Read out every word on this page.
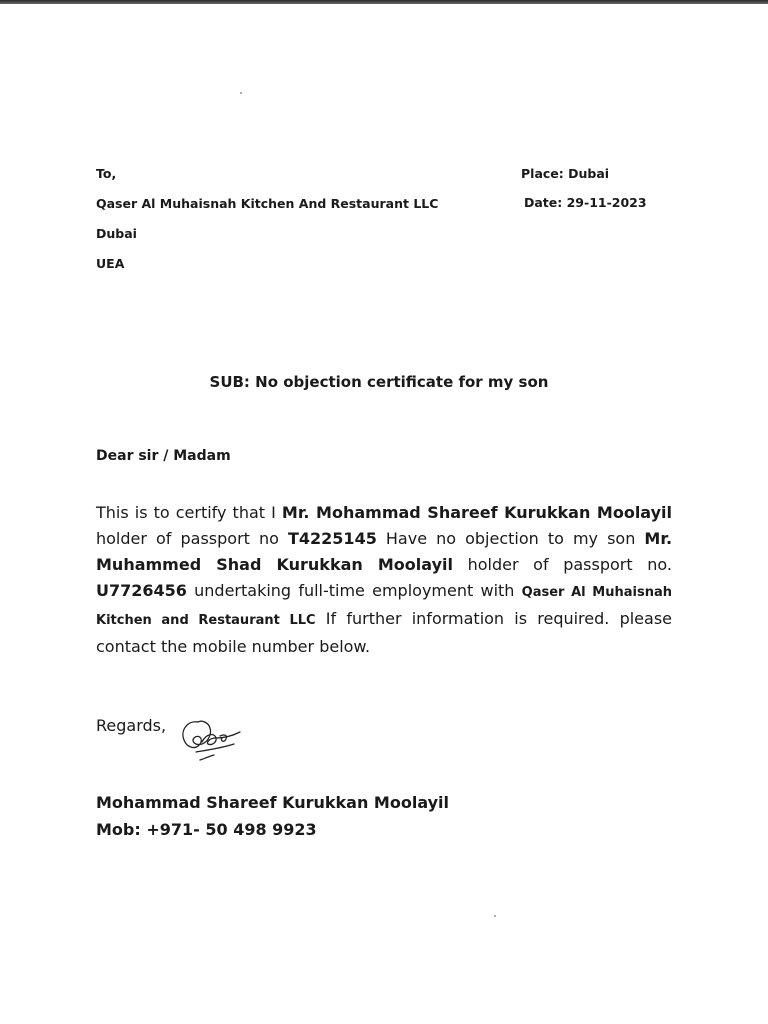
To,
Qaser Al Muhaisnah Kitchen And Restaurant LLC
Dubai
UEA
Place: Dubai
Date: 29-11-2023
SUB: No objection certificate for my son
Dear sir / Madam
This is to certify that I Mr. Mohammad Shareef Kurukkan Moolayil holder of passport no T4225145 Have no objection to my son Mr. Muhammed Shad Kurukkan Moolayil holder of passport no. U7726456 undertaking full-time employment with Qaser Al Muhaisnah Kitchen and Restaurant LLC If further information is required. please contact the mobile number below.
Regards,
Mohammad Shareef Kurukkan Moolayil
Mob: +971- 50 498 9923
